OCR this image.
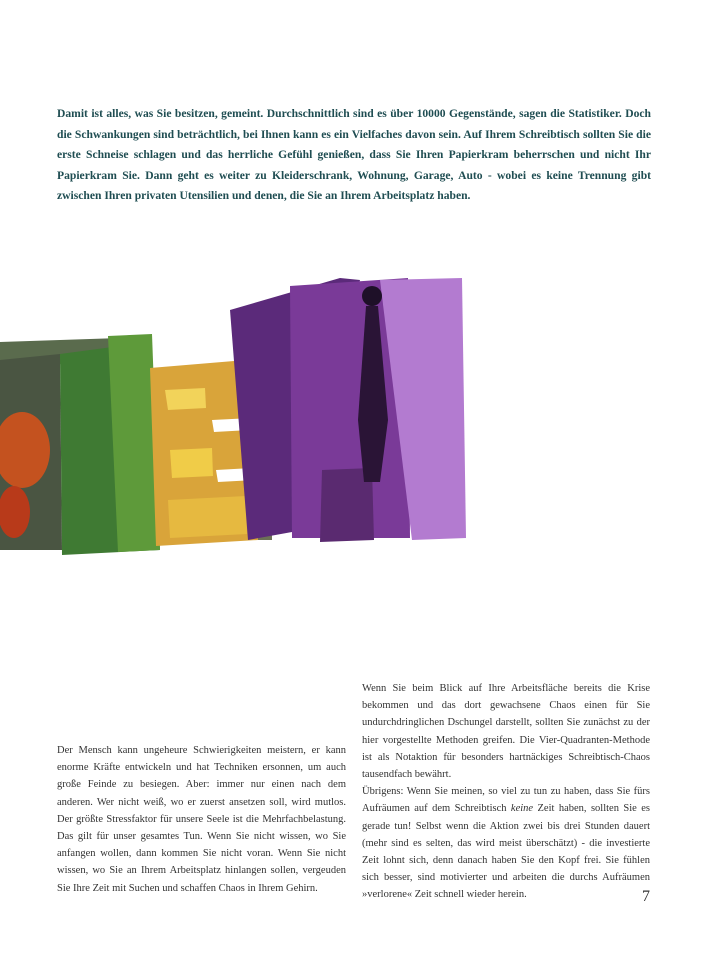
Damit ist alles, was Sie besitzen, gemeint. Durchschnittlich sind es über 10000 Gegenstände, sagen die Statistiker. Doch die Schwankungen sind beträchtlich, bei Ihnen kann es ein Vielfaches davon sein. Auf Ihrem Schreibtisch sollten Sie die erste Schneise schlagen und das herrliche Gefühl genießen, dass Sie Ihren Papierkram beherrschen und nicht Ihr Papierkram Sie. Dann geht es weiter zu Kleiderschrank, Wohnung, Garage, Auto - wobei es keine Trennung gibt zwischen Ihren privaten Utensilien und denen, die Sie an Ihrem Arbeitsplatz haben.

Der Mensch kann ungeheure Schwierigkeiten meistern, er kann enorme Kräfte entwickeln und hat Techniken ersonnen, um auch große Feinde zu besiegen. Aber: immer nur einen nach dem anderen. Wer nicht weiß, wo er zuerst ansetzen soll, wird mutlos. Der größte Stressfaktor für unsere Seele ist die Mehrfachbelastung. Das gilt für unser gesamtes Tun. Wenn Sie nicht wissen, wo Sie anfangen wollen, dann kommen Sie nicht voran. Wenn Sie nicht wissen, wo Sie an Ihrem Arbeitsplatz hinlangen sollen, vergeuden Sie Ihre Zeit mit Suchen und schaffen Chaos in Ihrem Gehirn.

Wenn Sie beim Blick auf Ihre Arbeitsfläche bereits die Krise bekommen und das dort gewachsene Chaos einen für Sie undurchdringlichen Dschungel darstellt, sollten Sie zunächst zu der hier vorgestellte Methoden greifen. Die Vier-Quadranten-Methode ist als Notaktion für besonders hartnäckiges Schreibtisch-Chaos tausendfach bewährt.

Übrigens: Wenn Sie meinen, so viel zu tun zu haben, dass Sie fürs Aufräumen auf dem Schreibtisch keine Zeit haben, sollten Sie es gerade tun! Selbst wenn die Aktion zwei bis drei Stunden dauert (mehr sind es selten, das wird meist überschätzt) - die investierte Zeit lohnt sich, denn danach haben Sie den Kopf frei. Sie fühlen sich besser, sind motivierter und arbeiten die durchs Aufräumen »verlorene« Zeit schnell wieder herein.	7
